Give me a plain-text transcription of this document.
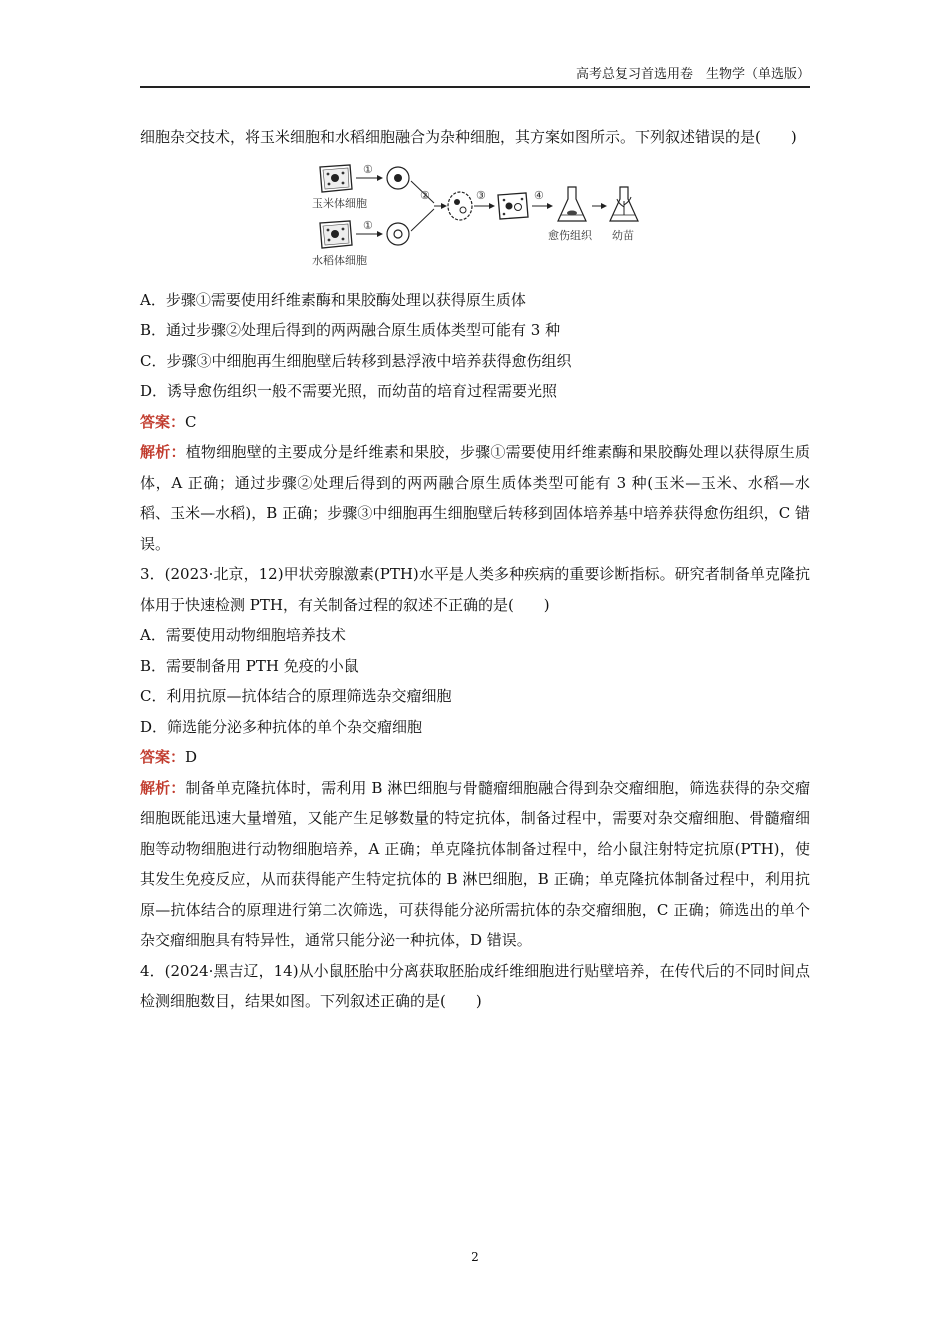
高考总复习首选用卷　生物学（单选版）

细胞杂交技术，将玉米细胞和水稻细胞融合为杂种细胞，其方案如图所示。下列叙述错误的是(　　)

玉米体细胞
水稻体细胞
①
①
②	③	④
愈伤组织 幼苗

A．步骤①需要使用纤维素酶和果胶酶处理以获得原生质体

B．通过步骤②处理后得到的两两融合原生质体类型可能有 3 种

C．步骤③中细胞再生细胞壁后转移到悬浮液中培养获得愈伤组织

D．诱导愈伤组织一般不需要光照，而幼苗的培育过程需要光照

答案：C

解析：植物细胞壁的主要成分是纤维素和果胶，步骤①需要使用纤维素酶和果胶酶处理以获得原生质体，A 正确；通过步骤②处理后得到的两两融合原生质体类型可能有 3 种(玉米—玉米、水稻—水稻、玉米—水稻)，B 正确；步骤③中细胞再生细胞壁后转移到固体培养基中培养获得愈伤组织，C 错误。

3．(2023·北京，12)甲状旁腺激素(PTH)水平是人类多种疾病的重要诊断指标。研究者制备单克隆抗体用于快速检测 PTH，有关制备过程的叙述不正确的是(　　)

A．需要使用动物细胞培养技术

B．需要制备用 PTH 免疫的小鼠

C．利用抗原—抗体结合的原理筛选杂交瘤细胞

D．筛选能分泌多种抗体的单个杂交瘤细胞

答案：D

解析：制备单克隆抗体时，需利用 B 淋巴细胞与骨髓瘤细胞融合得到杂交瘤细胞，筛选获得的杂交瘤细胞既能迅速大量增殖，又能产生足够数量的特定抗体，制备过程中，需要对杂交瘤细胞、骨髓瘤细胞等动物细胞进行动物细胞培养，A 正确；单克隆抗体制备过程中，给小鼠注射特定抗原(PTH)，使其发生免疫反应，从而获得能产生特定抗体的 B 淋巴细胞，B 正确；单克隆抗体制备过程中，利用抗原—抗体结合的原理进行第二次筛选，可获得能分泌所需抗体的杂交瘤细胞，C 正确；筛选出的单个杂交瘤细胞具有特异性，通常只能分泌一种抗体，D 错误。

4．(2024·黑吉辽，14)从小鼠胚胎中分离获取胚胎成纤维细胞进行贴壁培养，在传代后的不同时间点检测细胞数目，结果如图。下列叙述正确的是(　　)

2
